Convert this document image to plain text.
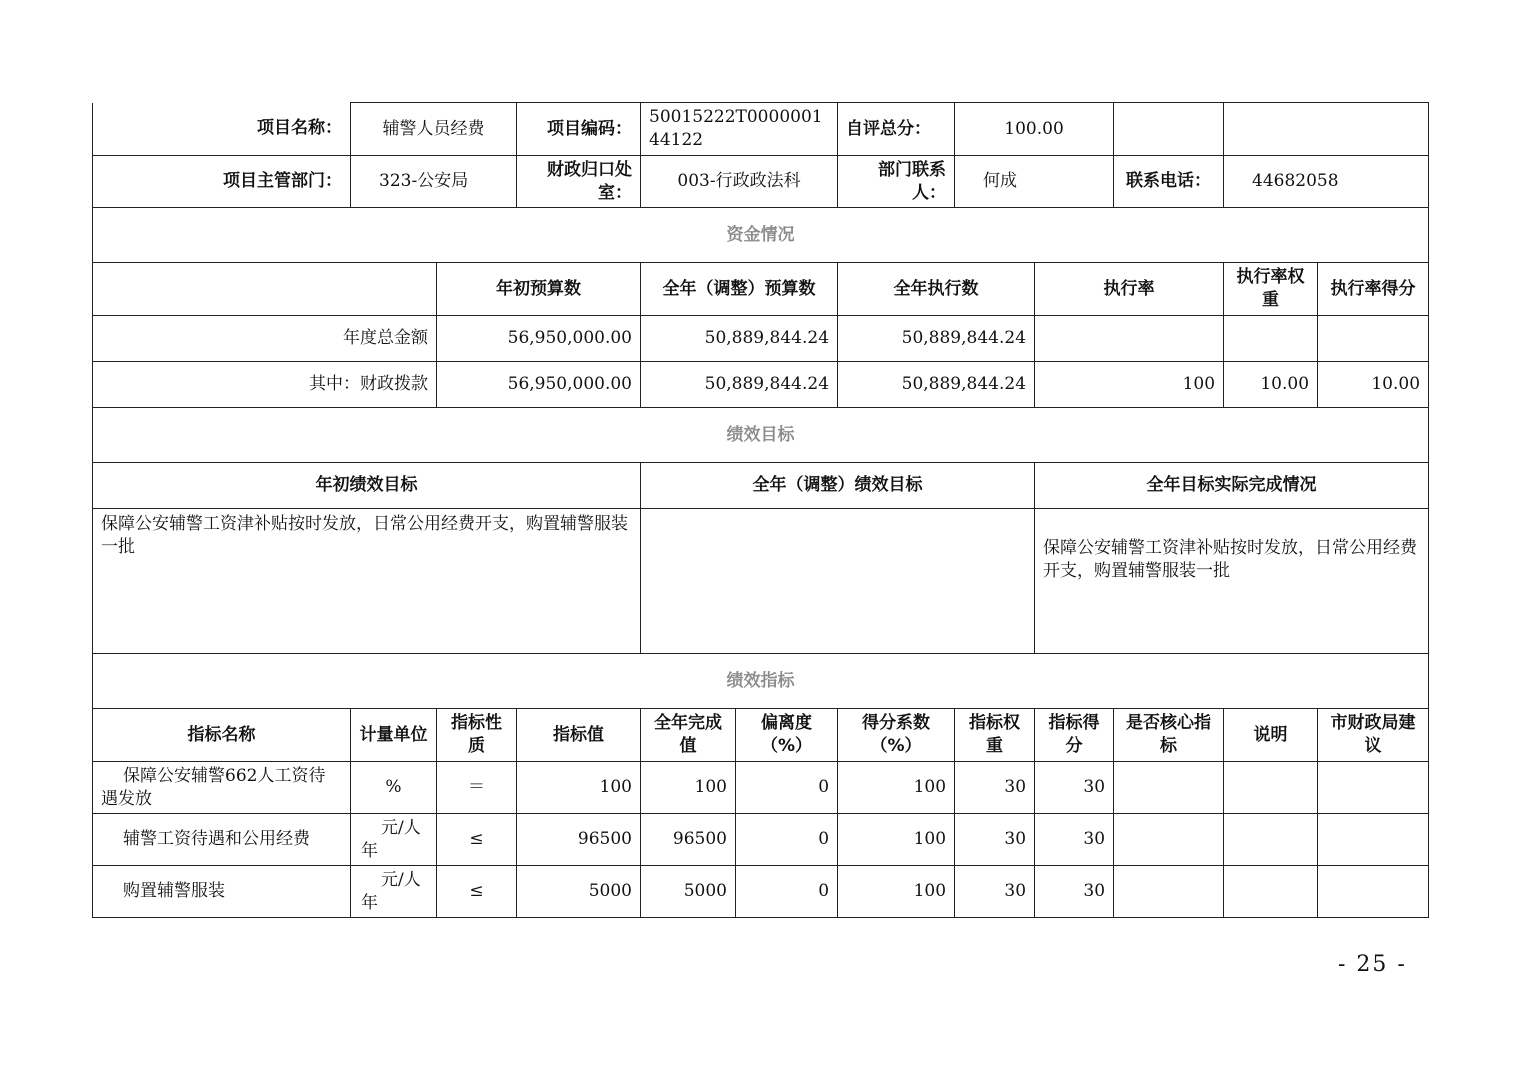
项目名称：	辅警人员经费		项目编码：	50015222T000000144122		自评总分：	100.00				
项目主管部门：	323-公安局		财政归口处室：	003-行政政法科		部门联系人：	何成		联系电话：	44682058	
资金情况											
		年初预算数		全年（调整）预算数		全年执行数		执行率		执行率权重	执行率得分
年度总金额		56,950,000.00		50,889,844.24		50,889,844.24					
其中：财政拨款		56,950,000.00		50,889,844.24		50,889,844.24		100		10.00	10.00
绩效目标											
年初绩效目标				全年（调整）绩效目标				全年目标实际完成情况			
保障公安辅警工资津补贴按时发放，日常公用经费开支，购置辅警服装一批								保障公安辅警工资津补贴按时发放，日常公用经费开支，购置辅警服装一批			
绩效指标											
指标名称	计量单位	指标性质	指标值	全年完成值	偏离度（%）	得分系数（%）	指标权重	指标得分	是否核心指标	说明	市财政局建议
保障公安辅警662人工资待遇发放	%	＝	100	100	0	100	30	30			
辅警工资待遇和公用经费	元/人年	≤	96500	96500	0	100	30	30			
购置辅警服装	元/人年	≤	5000	5000	0	100	30	30			
- 25 -
